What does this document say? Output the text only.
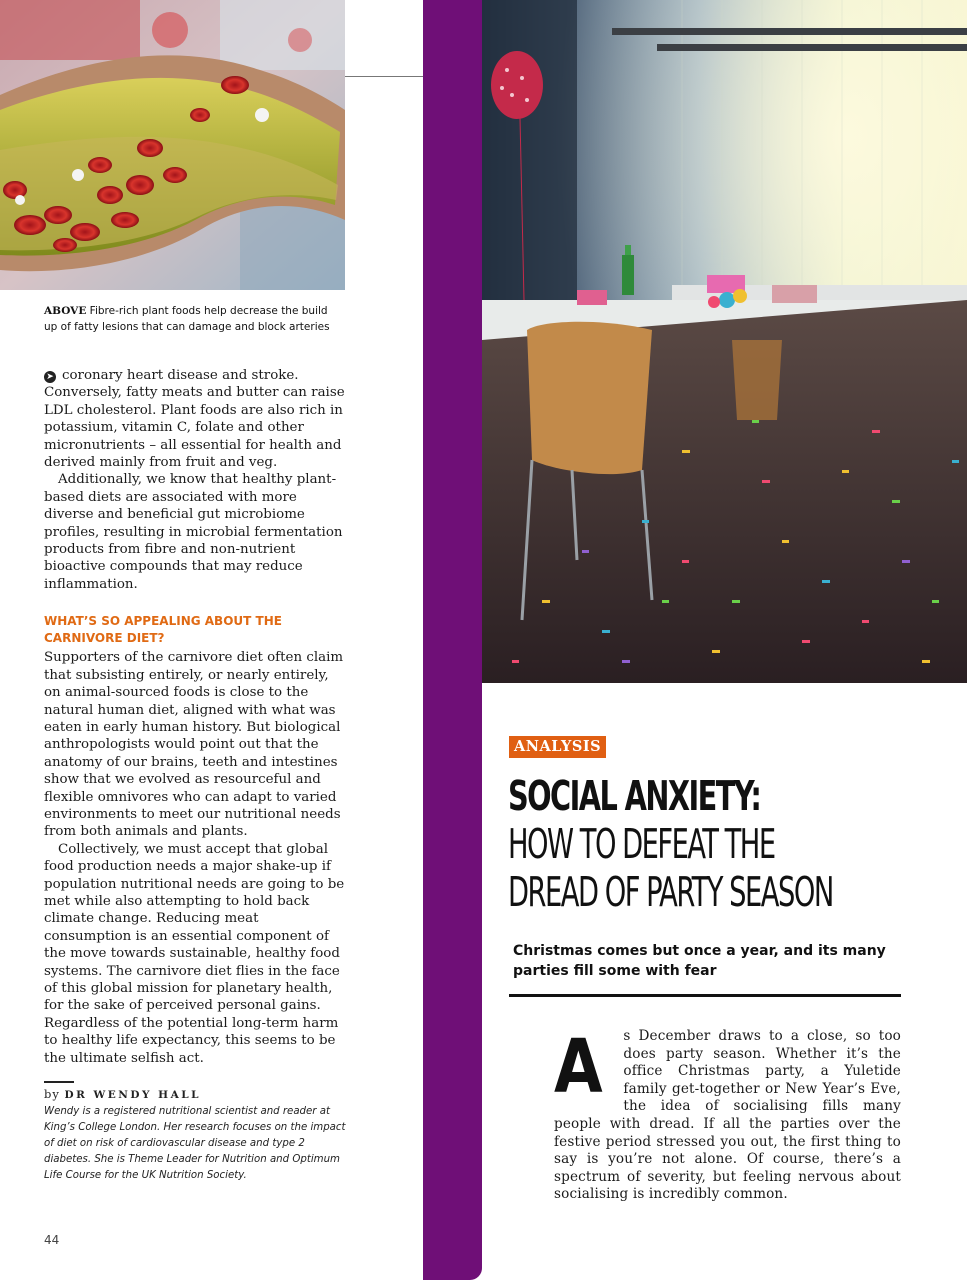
ABOVE Fibre-rich plant foods help decrease the build up of fatty lesions that can damage and block arteries

➤ coronary heart disease and stroke. Conversely, fatty meats and butter can raise LDL cholesterol. Plant foods are also rich in potassium, vitamin C, folate and other micronutrients – all essential for health and derived mainly from fruit and veg.

Additionally, we know that healthy plant-based diets are associated with more diverse and beneficial gut microbiome profiles, resulting in microbial fermentation products from fibre and non-nutrient bioactive compounds that may reduce inflammation.

WHAT’S SO APPEALING ABOUT THE CARNIVORE DIET?

Supporters of the carnivore diet often claim that subsisting entirely, or nearly entirely, on animal-sourced foods is close to the natural human diet, aligned with what was eaten in early human history. But biological anthropologists would point out that the anatomy of our brains, teeth and intestines show that we evolved as resourceful and flexible omnivores who can adapt to varied environments to meet our nutritional needs from both animals and plants.

Collectively, we must accept that global food production needs a major shake-up if population nutritional needs are going to be met while also attempting to hold back climate change. Reducing meat consumption is an essential component of the move towards sustainable, healthy food systems. The carnivore diet flies in the face of this global mission for planetary health, for the sake of perceived personal gains. Regardless of the potential long-term harm to healthy life expectancy, this seems to be the ultimate selfish act.

by DR WENDY HALL
Wendy is a registered nutritional scientist and reader at King’s College London. Her research focuses on the impact of diet on risk of cardiovascular disease and type 2 diabetes. She is Theme Leader for Nutrition and Optimum Life Course for the UK Nutrition Society.
44
ANALYSIS
SOCIAL ANXIETY:
HOW TO DEFEAT THE
DREAD OF PARTY SEASON
Christmas comes but once a year, and its many parties fill some with fear
A s December draws to a close, so too does party season. Whether it’s the office Christmas party, a Yuletide family get-together or New Year’s Eve, the idea of socialising fills many people with dread. If all the parties over the festive period stressed you out, the first thing to say is you’re not alone. Of course, there’s a spectrum of severity, but feeling nervous about socialising is incredibly common.
